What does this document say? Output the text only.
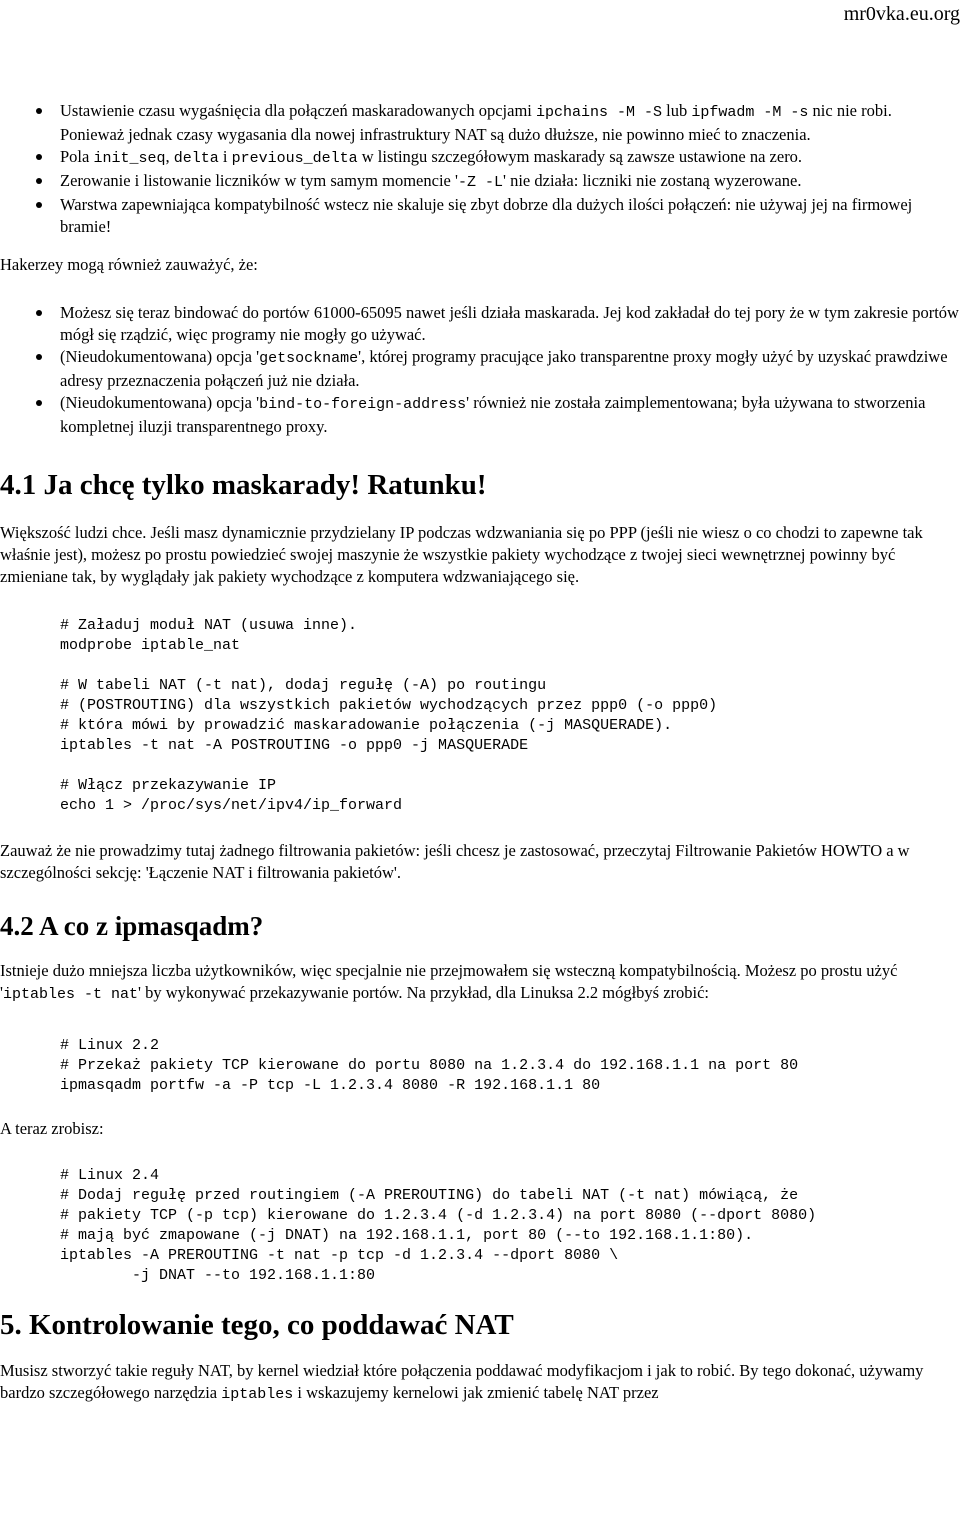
mr0vka.eu.org
Ustawienie czasu wygaśnięcia dla połączeń maskaradowanych opcjami ipchains -M -S lub ipfwadm -M -s nic nie robi. Ponieważ jednak czasy wygasania dla nowej infrastruktury NAT są dużo dłuższe, nie powinno mieć to znaczenia.
Pola init_seq, delta i previous_delta w listingu szczegółowym maskarady są zawsze ustawione na zero.
Zerowanie i listowanie liczników w tym samym momencie '-Z -L' nie działa: liczniki nie zostaną wyzerowane.
Warstwa zapewniająca kompatybilność wstecz nie skaluje się zbyt dobrze dla dużych ilości połączeń: nie używaj jej na firmowej bramie!

Hakerzey mogą również zauważyć, że:

Możesz się teraz bindować do portów 61000-65095 nawet jeśli działa maskarada. Jej kod zakładał do tej pory że w tym zakresie portów mógł się rządzić, więc programy nie mogły go używać.
(Nieudokumentowana) opcja 'getsockname', której programy pracujące jako transparentne proxy mogły użyć by uzyskać prawdziwe adresy przeznaczenia połączeń już nie działa.
(Nieudokumentowana) opcja 'bind-to-foreign-address' również nie została zaimplementowana; była używana to stworzenia kompletnej iluzji transparentnego proxy.
4.1 Ja chcę tylko maskarady! Ratunku!

Większość ludzi chce. Jeśli masz dynamicznie przydzielany IP podczas wdzwaniania się po PPP (jeśli nie wiesz o co chodzi to zapewne tak właśnie jest), możesz po prostu powiedzieć swojej maszynie że wszystkie pakiety wychodzące z twojej sieci wewnętrznej powinny być zmieniane tak, by wyglądały jak pakiety wychodzące z komputera wdzwaniającego się.

# Załaduj moduł NAT (usuwa inne).
modprobe iptable_nat

# W tabeli NAT (-t nat), dodaj regułę (-A) po routingu
# (POSTROUTING) dla wszystkich pakietów wychodzących przez ppp0 (-o ppp0)
# która mówi by prowadzić maskaradowanie połączenia (-j MASQUERADE).
iptables -t nat -A POSTROUTING -o ppp0 -j MASQUERADE

# Włącz przekazywanie IP
echo 1 > /proc/sys/net/ipv4/ip_forward

Zauważ że nie prowadzimy tutaj żadnego filtrowania pakietów: jeśli chcesz je zastosować, przeczytaj Filtrowanie Pakietów HOWTO a w szczególności sekcję: 'Łączenie NAT i filtrowania pakietów'.

4.2 A co z ipmasqadm?

Istnieje dużo mniejsza liczba użytkowników, więc specjalnie nie przejmowałem się wsteczną kompatybilnością. Możesz po prostu użyć 'iptables -t nat' by wykonywać przekazywanie portów. Na przykład, dla Linuksa 2.2 mógłbyś zrobić:

# Linux 2.2
# Przekaż pakiety TCP kierowane do portu 8080 na 1.2.3.4 do 192.168.1.1 na port 80
ipmasqadm portfw -a -P tcp -L 1.2.3.4 8080 -R 192.168.1.1 80

A teraz zrobisz:

# Linux 2.4
# Dodaj regułę przed routingiem (-A PREROUTING) do tabeli NAT (-t nat) mówiącą, że
# pakiety TCP (-p tcp) kierowane do 1.2.3.4 (-d 1.2.3.4) na port 8080 (--dport 8080)
# mają być zmapowane (-j DNAT) na 192.168.1.1, port 80 (--to 192.168.1.1:80).
iptables -A PREROUTING -t nat -p tcp -d 1.2.3.4 --dport 8080 \
-j DNAT --to 192.168.1.1:80
5. Kontrolowanie tego, co poddawać NAT

Musisz stworzyć takie reguły NAT, by kernel wiedział które połączenia poddawać modyfikacjom i jak to robić. By tego dokonać, używamy bardzo szczegółowego narzędzia iptables i wskazujemy kernelowi jak zmienić tabelę NAT przez
